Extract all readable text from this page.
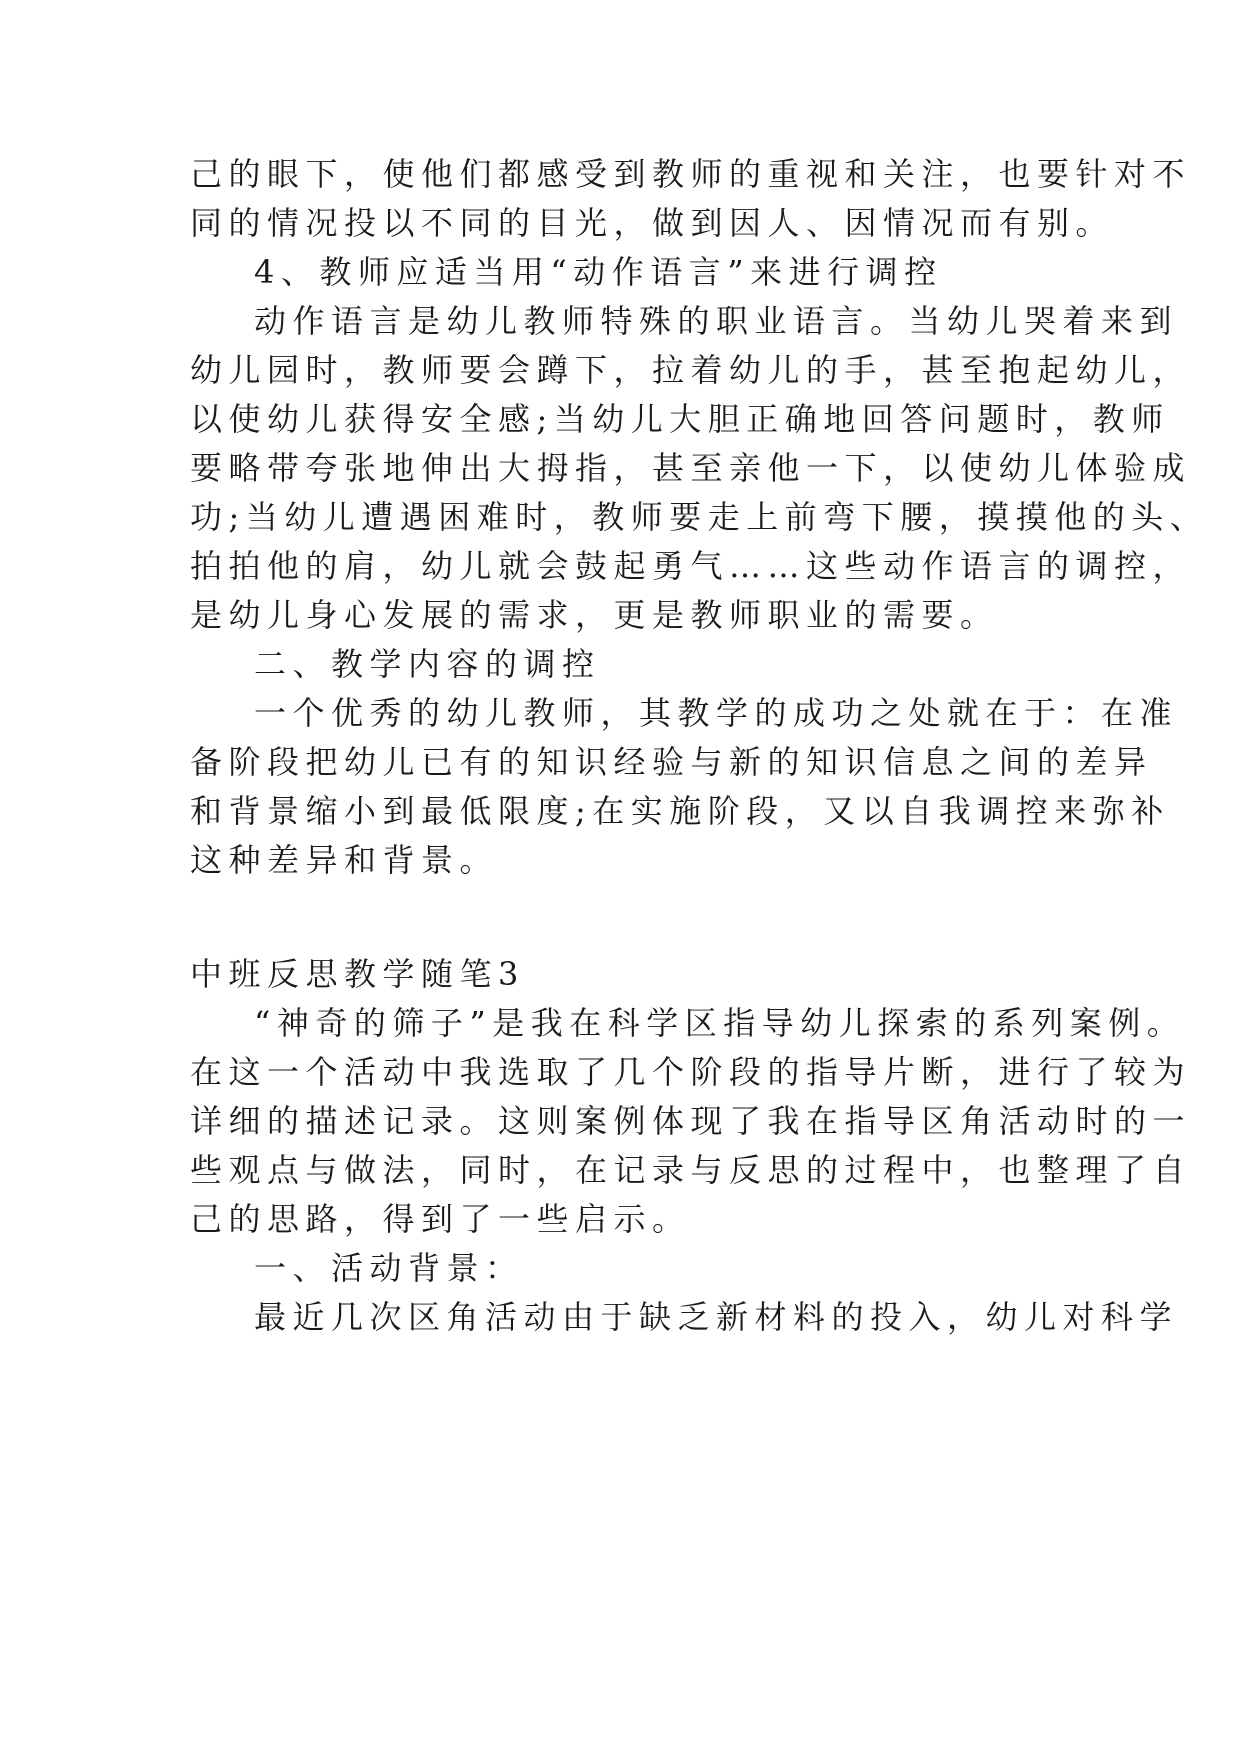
己的眼下，使他们都感受到教师的重视和关注，也要针对不
同的情况投以不同的目光，做到因人、因情况而有别。
4、教师应适当用“动作语言”来进行调控
动作语言是幼儿教师特殊的职业语言。当幼儿哭着来到
幼儿园时，教师要会蹲下，拉着幼儿的手，甚至抱起幼儿，
以使幼儿获得安全感;当幼儿大胆正确地回答问题时，教师
要略带夸张地伸出大拇指，甚至亲他一下，以使幼儿体验成
功;当幼儿遭遇困难时，教师要走上前弯下腰，摸摸他的头、
拍拍他的肩，幼儿就会鼓起勇气……这些动作语言的调控，
是幼儿身心发展的需求，更是教师职业的需要。
二、教学内容的调控
一个优秀的幼儿教师，其教学的成功之处就在于：在准
备阶段把幼儿已有的知识经验与新的知识信息之间的差异
和背景缩小到最低限度;在实施阶段，又以自我调控来弥补
这种差异和背景。
中班反思教学随笔3
“神奇的筛子”是我在科学区指导幼儿探索的系列案例。
在这一个活动中我选取了几个阶段的指导片断，进行了较为
详细的描述记录。这则案例体现了我在指导区角活动时的一
些观点与做法，同时，在记录与反思的过程中，也整理了自
己的思路，得到了一些启示。
一、活动背景：
最近几次区角活动由于缺乏新材料的投入，幼儿对科学
